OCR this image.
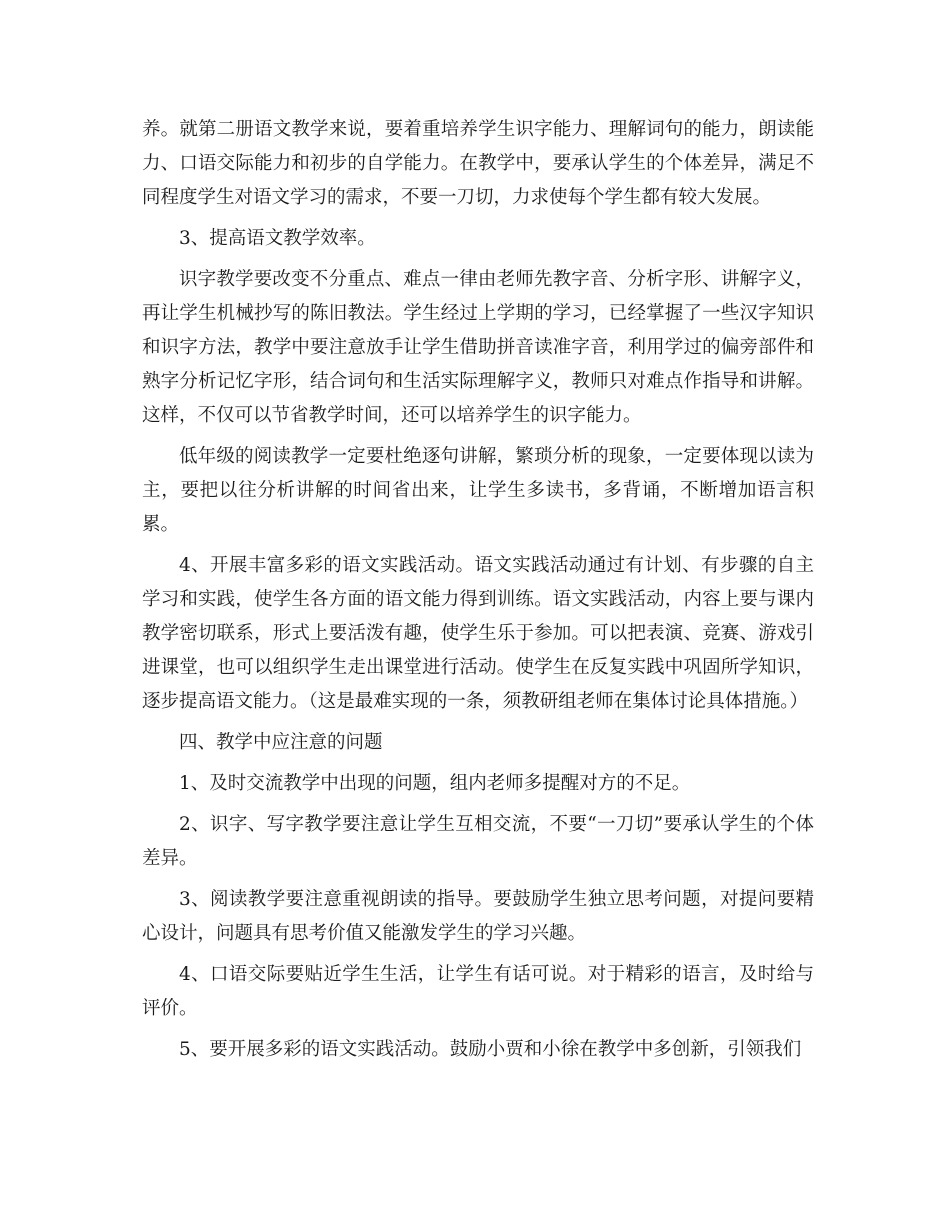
养。就第二册语文教学来说，要着重培养学生识字能力、理解词句的能力，朗读能力、口语交际能力和初步的自学能力。在教学中，要承认学生的个体差异，满足不同程度学生对语文学习的需求，不要一刀切，力求使每个学生都有较大发展。

3、提高语文教学效率。

识字教学要改变不分重点、难点一律由老师先教字音、分析字形、讲解字义，再让学生机械抄写的陈旧教法。学生经过上学期的学习，已经掌握了一些汉字知识和识字方法，教学中要注意放手让学生借助拼音读准字音，利用学过的偏旁部件和熟字分析记忆字形，结合词句和生活实际理解字义，教师只对难点作指导和讲解。这样，不仅可以节省教学时间，还可以培养学生的识字能力。

低年级的阅读教学一定要杜绝逐句讲解，繁琐分析的现象，一定要体现以读为主，要把以往分析讲解的时间省出来，让学生多读书，多背诵，不断增加语言积累。

4、开展丰富多彩的语文实践活动。语文实践活动通过有计划、有步骤的自主学习和实践，使学生各方面的语文能力得到训练。语文实践活动，内容上要与课内教学密切联系，形式上要活泼有趣，使学生乐于参加。可以把表演、竞赛、游戏引进课堂，也可以组织学生走出课堂进行活动。使学生在反复实践中巩固所学知识，逐步提高语文能力。（这是最难实现的一条，须教研组老师在集体讨论具体措施。）

四、教学中应注意的问题

1、及时交流教学中出现的问题，组内老师多提醒对方的不足。

2、识字、写字教学要注意让学生互相交流，不要“一刀切”要承认学生的个体差异。

3、阅读教学要注意重视朗读的指导。要鼓励学生独立思考问题，对提问要精心设计，问题具有思考价值又能激发学生的学习兴趣。

4、口语交际要贴近学生生活，让学生有话可说。对于精彩的语言，及时给与评价。

5、要开展多彩的语文实践活动。鼓励小贾和小徐在教学中多创新，引领我们
